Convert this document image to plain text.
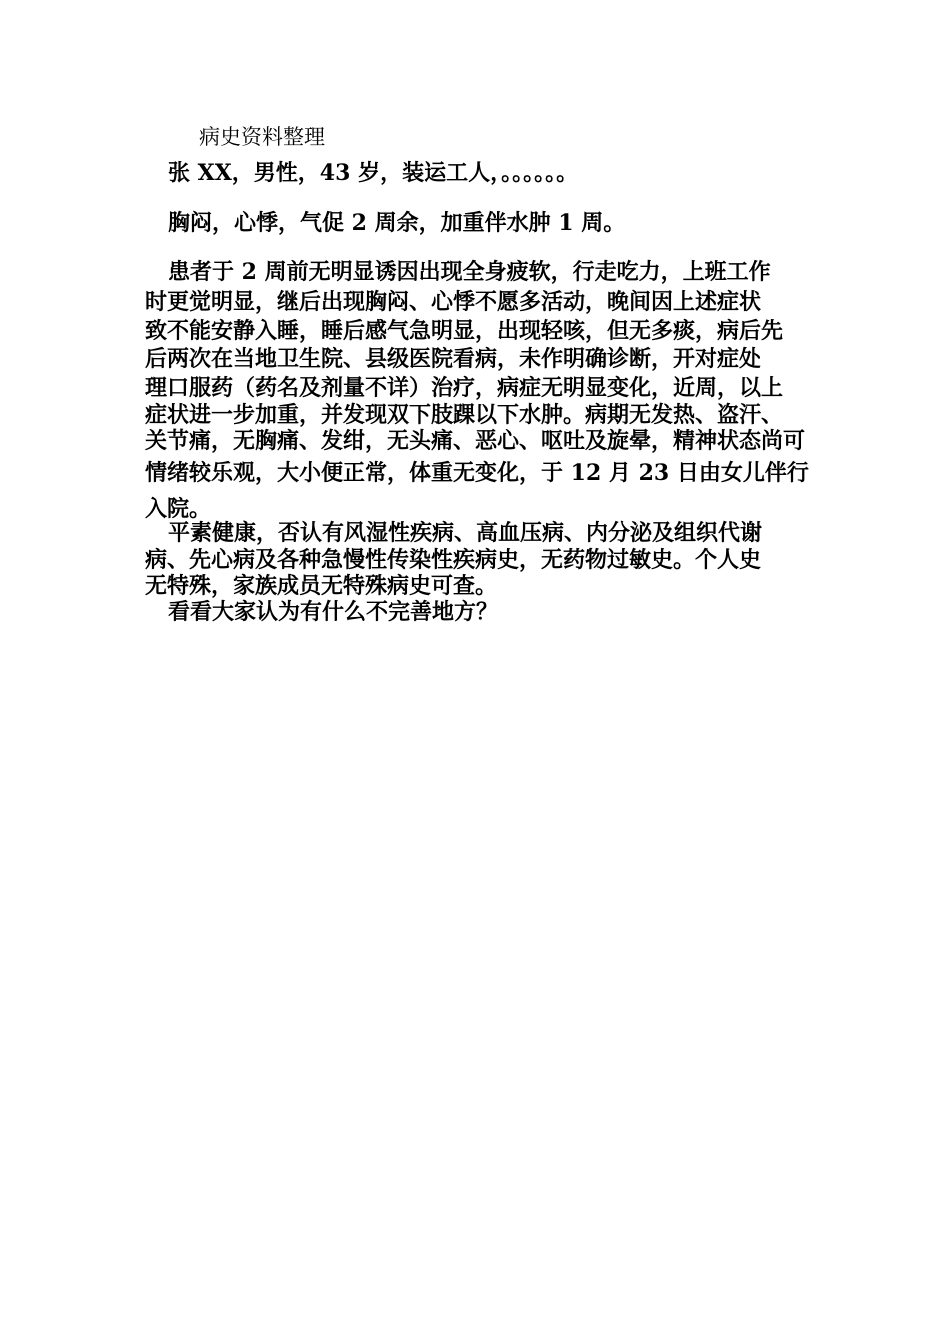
病史资料整理
张 XX，男性，43 岁，装运工人，。。。。。。
胸闷，心悸，气促 2 周余，加重伴水肿 1 周。
患者于 2 周前无明显诱因出现全身疲软，行走吃力，上班工作
时更觉明显，继后出现胸闷、心悸不愿多活动，晚间因上述症状
致不能安静入睡，睡后感气急明显，出现轻咳，但无多痰，病后先
后两次在当地卫生院、县级医院看病，未作明确诊断，开对症处
理口服药（药名及剂量不详）治疗，病症无明显变化，近周，以上
症状进一步加重，并发现双下肢踝以下水肿。病期无发热、盗汗、
关节痛，无胸痛、发绀，无头痛、恶心、呕吐及旋晕，精神状态尚可
情绪较乐观，大小便正常，体重无变化，于 12 月 23 日由女儿伴行
入院。
平素健康，否认有风湿性疾病、高血压病、内分泌及组织代谢
病、先心病及各种急慢性传染性疾病史，无药物过敏史。个人史
无特殊，家族成员无特殊病史可查。
看看大家认为有什么不完善地方？
